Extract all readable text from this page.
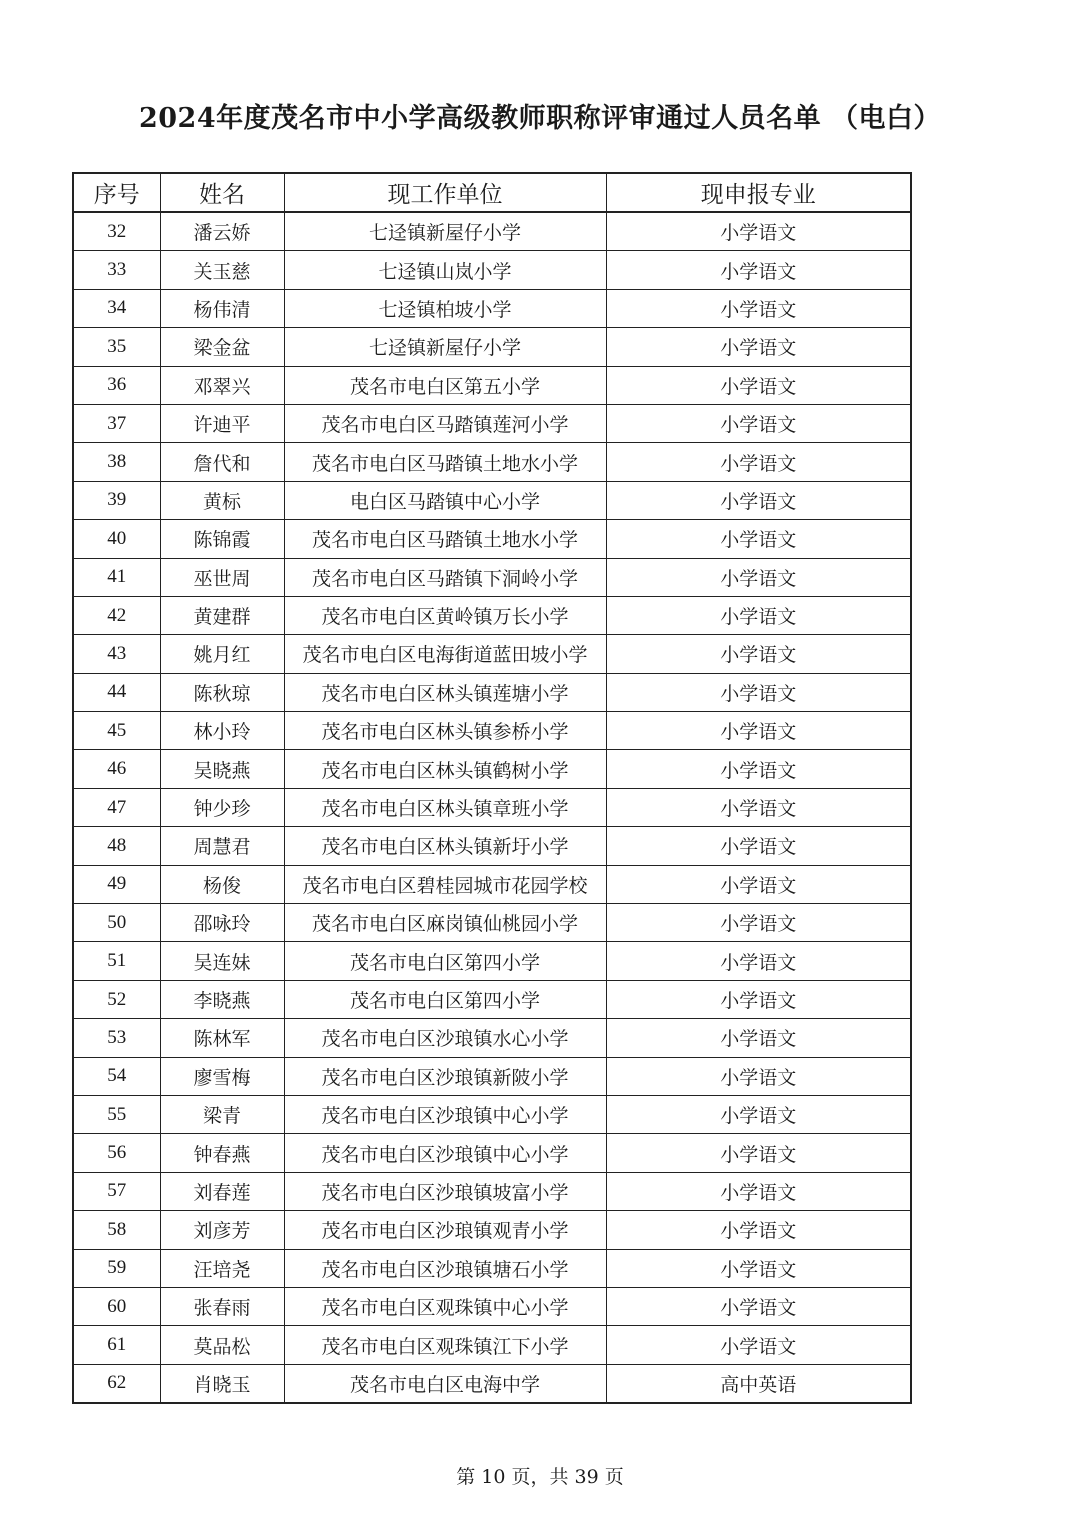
2024年度茂名市中小学高级教师职称评审通过人员名单 （电白）
序号	姓名	现工作单位	现申报专业
32	潘云娇	七迳镇新屋仔小学	小学语文
33	关玉慈	七迳镇山岚小学	小学语文
34	杨伟清	七迳镇柏坡小学	小学语文
35	梁金盆	七迳镇新屋仔小学	小学语文
36	邓翠兴	茂名市电白区第五小学	小学语文
37	许迪平	茂名市电白区马踏镇莲河小学	小学语文
38	詹代和	茂名市电白区马踏镇土地水小学	小学语文
39	黄标	电白区马踏镇中心小学	小学语文
40	陈锦霞	茂名市电白区马踏镇土地水小学	小学语文
41	巫世周	茂名市电白区马踏镇下洞岭小学	小学语文
42	黄建群	茂名市电白区黄岭镇万长小学	小学语文
43	姚月红	茂名市电白区电海街道蓝田坡小学	小学语文
44	陈秋琼	茂名市电白区林头镇莲塘小学	小学语文
45	林小玲	茂名市电白区林头镇参桥小学	小学语文
46	吴晓燕	茂名市电白区林头镇鹤树小学	小学语文
47	钟少珍	茂名市电白区林头镇章班小学	小学语文
48	周慧君	茂名市电白区林头镇新圩小学	小学语文
49	杨俊	茂名市电白区碧桂园城市花园学校	小学语文
50	邵咏玲	茂名市电白区麻岗镇仙桃园小学	小学语文
51	吴连妹	茂名市电白区第四小学	小学语文
52	李晓燕	茂名市电白区第四小学	小学语文
53	陈林军	茂名市电白区沙琅镇水心小学	小学语文
54	廖雪梅	茂名市电白区沙琅镇新陂小学	小学语文
55	梁青	茂名市电白区沙琅镇中心小学	小学语文
56	钟春燕	茂名市电白区沙琅镇中心小学	小学语文
57	刘春莲	茂名市电白区沙琅镇坡富小学	小学语文
58	刘彦芳	茂名市电白区沙琅镇观青小学	小学语文
59	汪培尧	茂名市电白区沙琅镇塘石小学	小学语文
60	张春雨	茂名市电白区观珠镇中心小学	小学语文
61	莫品松	茂名市电白区观珠镇江下小学	小学语文
62	肖晓玉	茂名市电白区电海中学	高中英语
第 10 页，共 39 页
